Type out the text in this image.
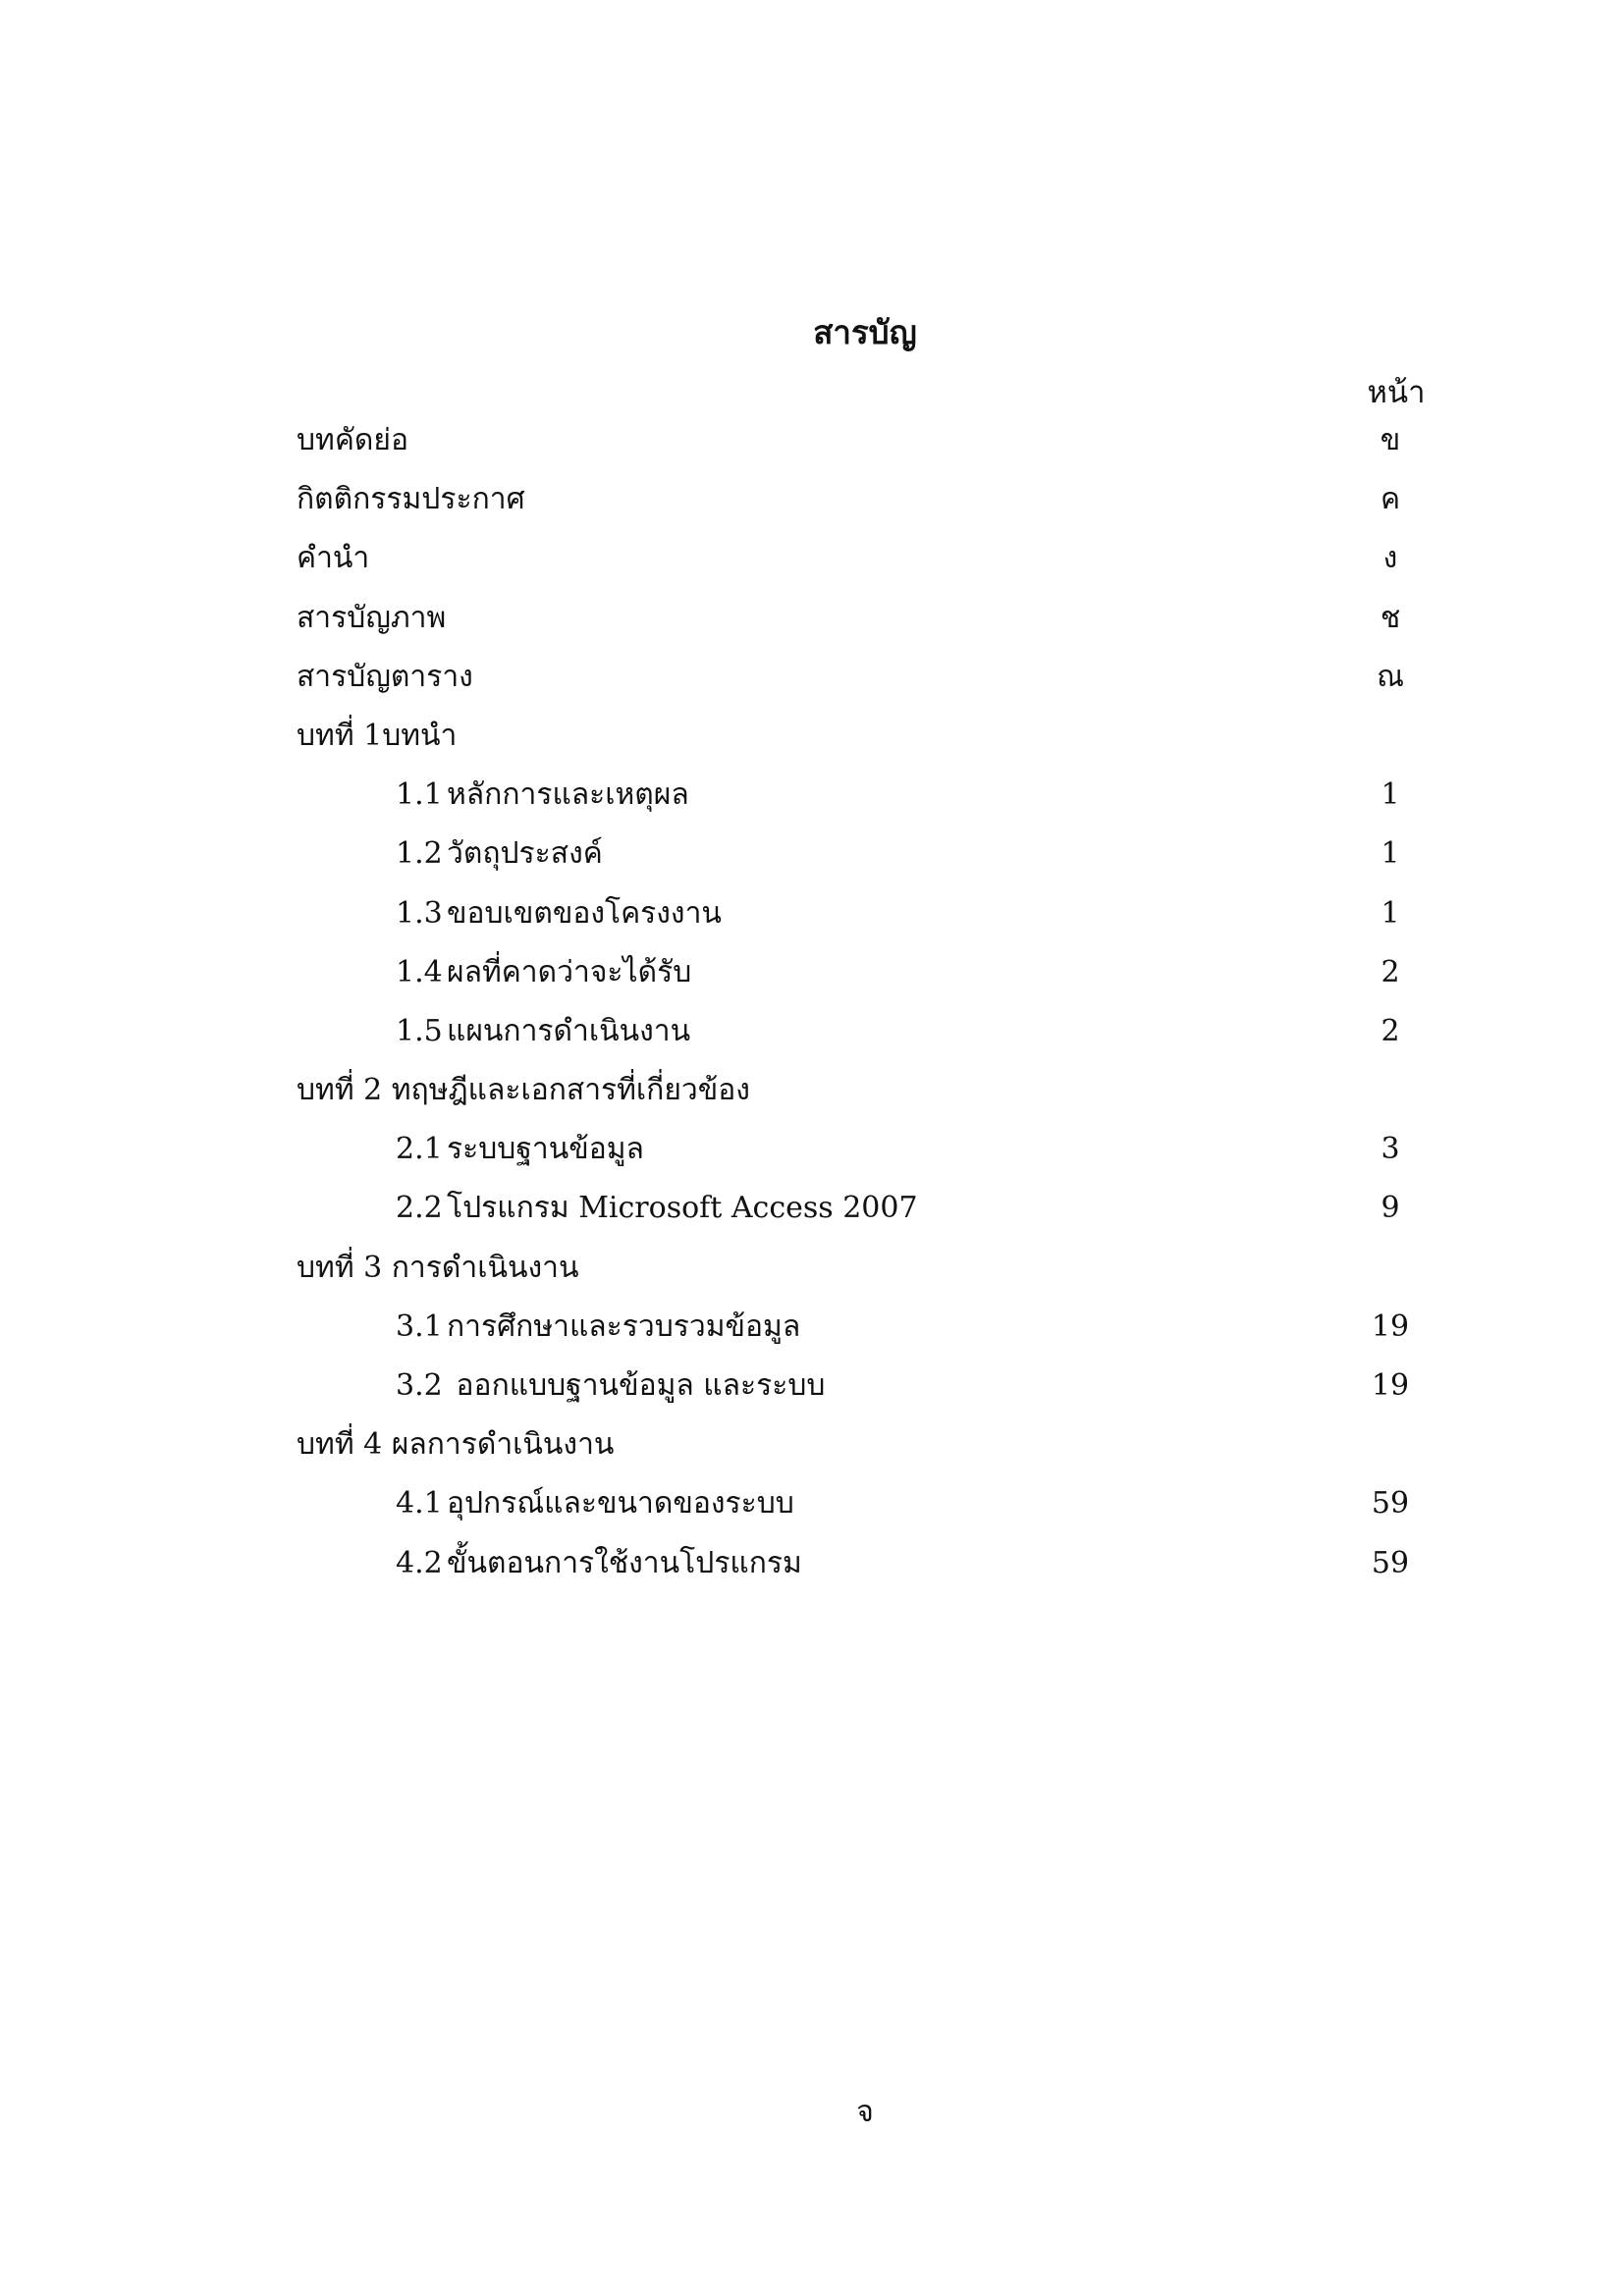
สารบัญ
หน้า
บทคัดย่อ	ข
กิตติกรรมประกาศ	ค
คำนำ	ง
สารบัญภาพ	ช
สารบัญตาราง	ณ
บทที่ 1บทนำ
1.1 หลักการและเหตุผล	1
1.2 วัตถุประสงค์	1
1.3 ขอบเขตของโครงงาน	1
1.4 ผลที่คาดว่าจะได้รับ	2
1.5 แผนการดำเนินงาน	2
บทที่ 2 ทฤษฎีและเอกสารที่เกี่ยวข้อง
2.1 ระบบฐานข้อมูล	3
2.2 โปรแกรม Microsoft Access 2007	9
บทที่ 3 การดำเนินงาน
3.1 การศึกษาและรวบรวมข้อมูล	19
3.2 ออกแบบฐานข้อมูล และระบบ	19
บทที่ 4 ผลการดำเนินงาน
4.1 อุปกรณ์และขนาดของระบบ	59
4.2 ขั้นตอนการใช้งานโปรแกรม	59
จ
